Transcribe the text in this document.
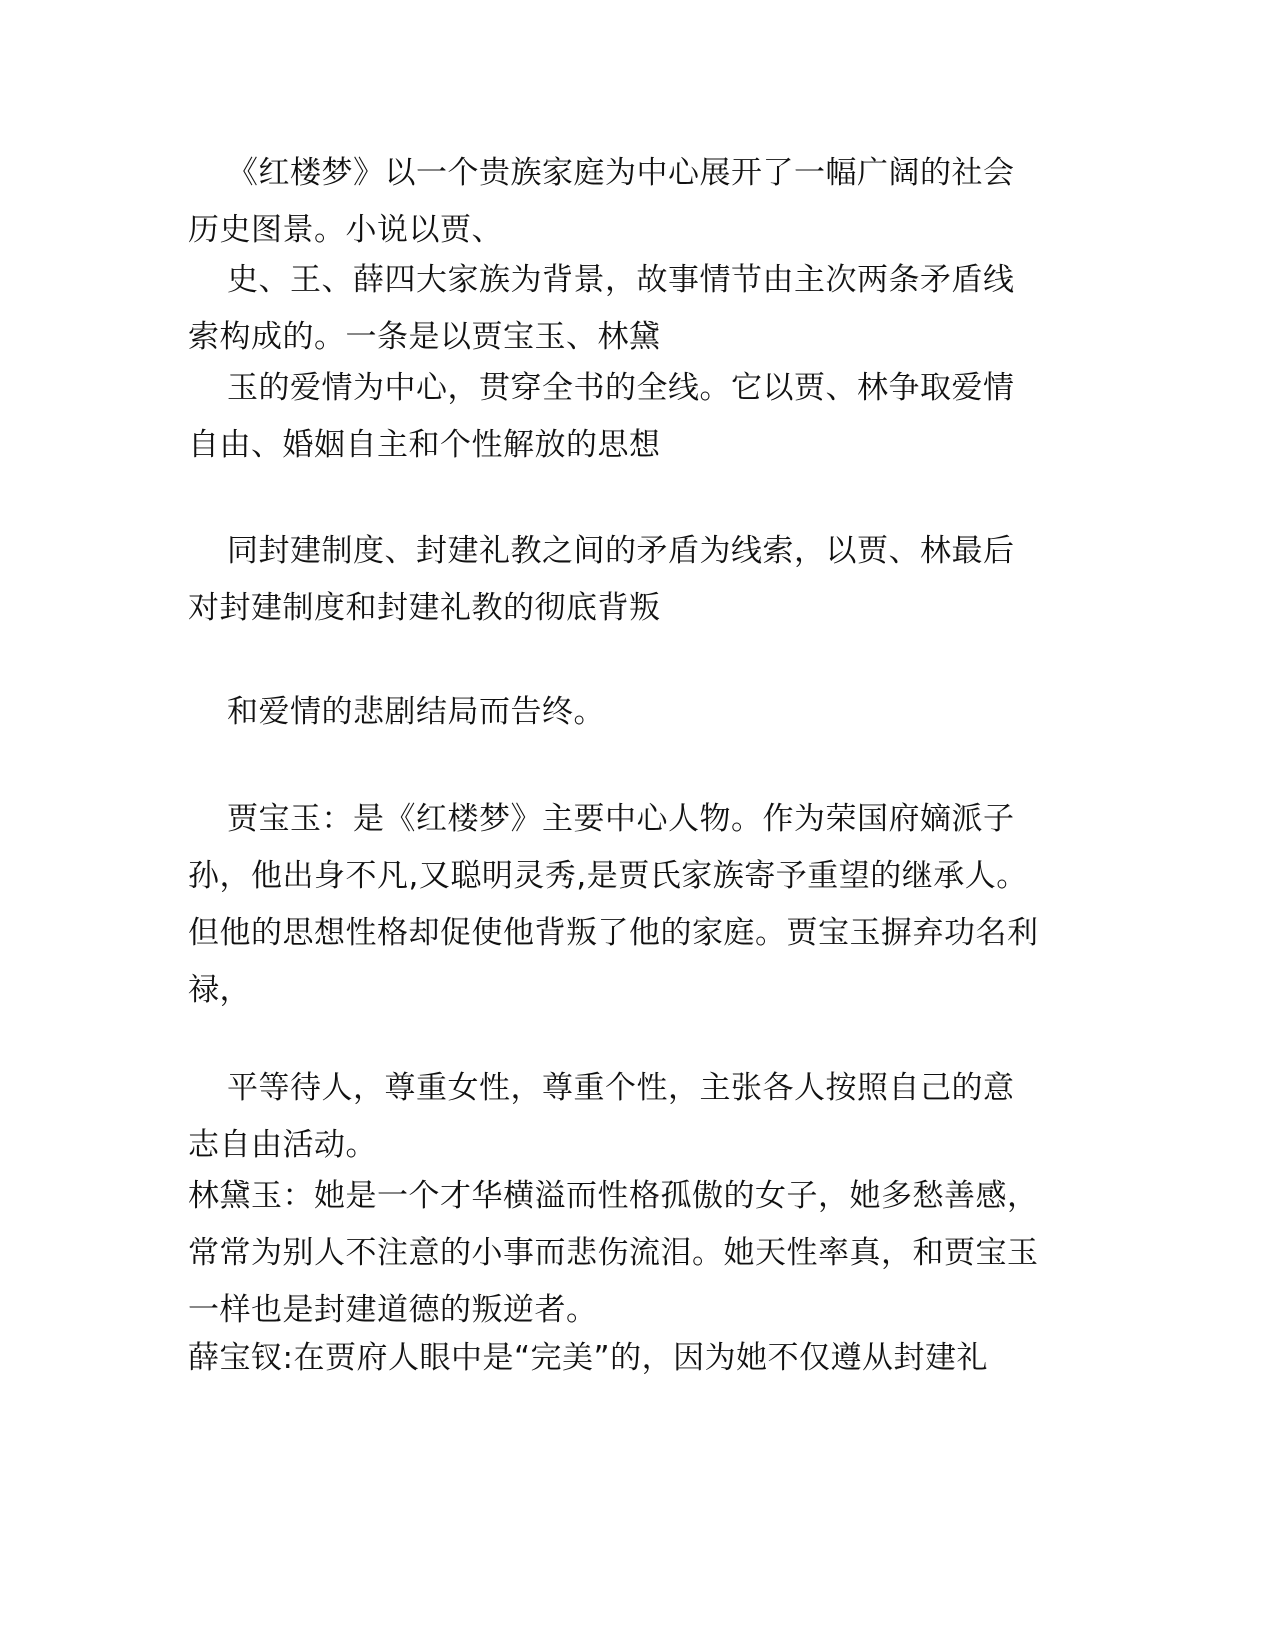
《红楼梦》以一个贵族家庭为中心展开了一幅广阔的社会
历史图景。小说以贾、

史、王、薛四大家族为背景，故事情节由主次两条矛盾线
索构成的。一条是以贾宝玉、林黛

玉的爱情为中心，贯穿全书的全线。它以贾、林争取爱情
自由、婚姻自主和个性解放的思想

同封建制度、封建礼教之间的矛盾为线索，以贾、林最后
对封建制度和封建礼教的彻底背叛

和爱情的悲剧结局而告终。

贾宝玉：是《红楼梦》主要中心人物。作为荣国府嫡派子
孙，他出身不凡,又聪明灵秀,是贾氏家族寄予重望的继承人。
但他的思想性格却促使他背叛了他的家庭。贾宝玉摒弃功名利
禄，

平等待人，尊重女性，尊重个性，主张各人按照自己的意
志自由活动。

林黛玉：她是一个才华横溢而性格孤傲的女子，她多愁善感，
常常为别人不注意的小事而悲伤流泪。她天性率真，和贾宝玉
一样也是封建道德的叛逆者。

薛宝钗:在贾府人眼中是“完美”的，因为她不仅遵从封建礼
